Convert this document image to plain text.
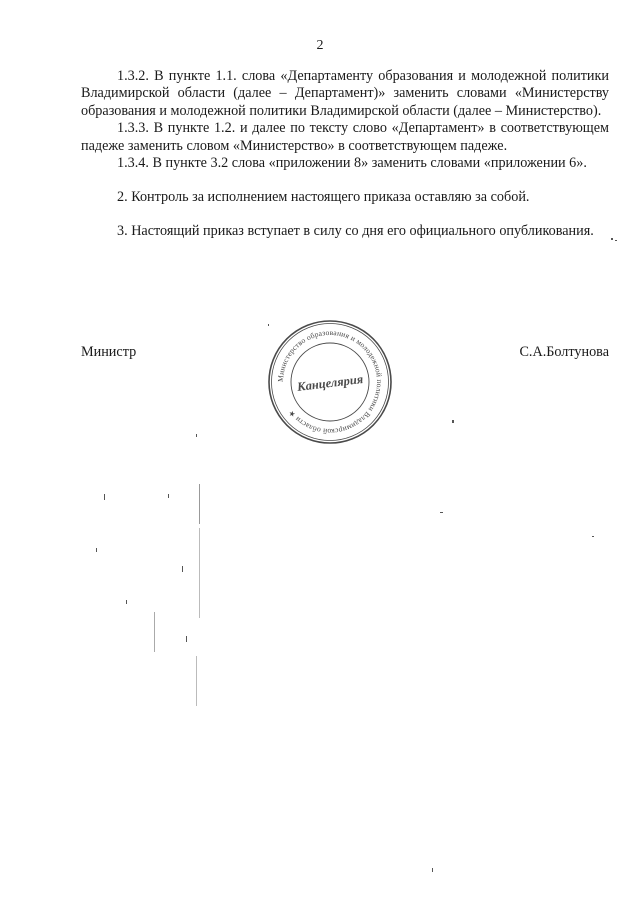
2

1.3.2. В пункте 1.1. слова «Департаменту образования и молодежной политики Владимирской области (далее – Департамент)» заменить словами «Министерству образования и молодежной политики Владимирской области (далее – Министерство).

1.3.3. В пункте 1.2. и далее по тексту слово «Департамент» в соответствующем падеже заменить словом «Министерство» в соответствующем падеже.

1.3.4. В пункте 3.2 слова «приложении 8» заменить словами «приложении 6».

2. Контроль за исполнением настоящего приказа оставляю за собой.

3. Настоящий приказ вступает в силу со дня его официального опубликования.

Министр	С.А.Болтунова
Министерство образования и молодежной политики Владимирской области ★
Канцелярия
